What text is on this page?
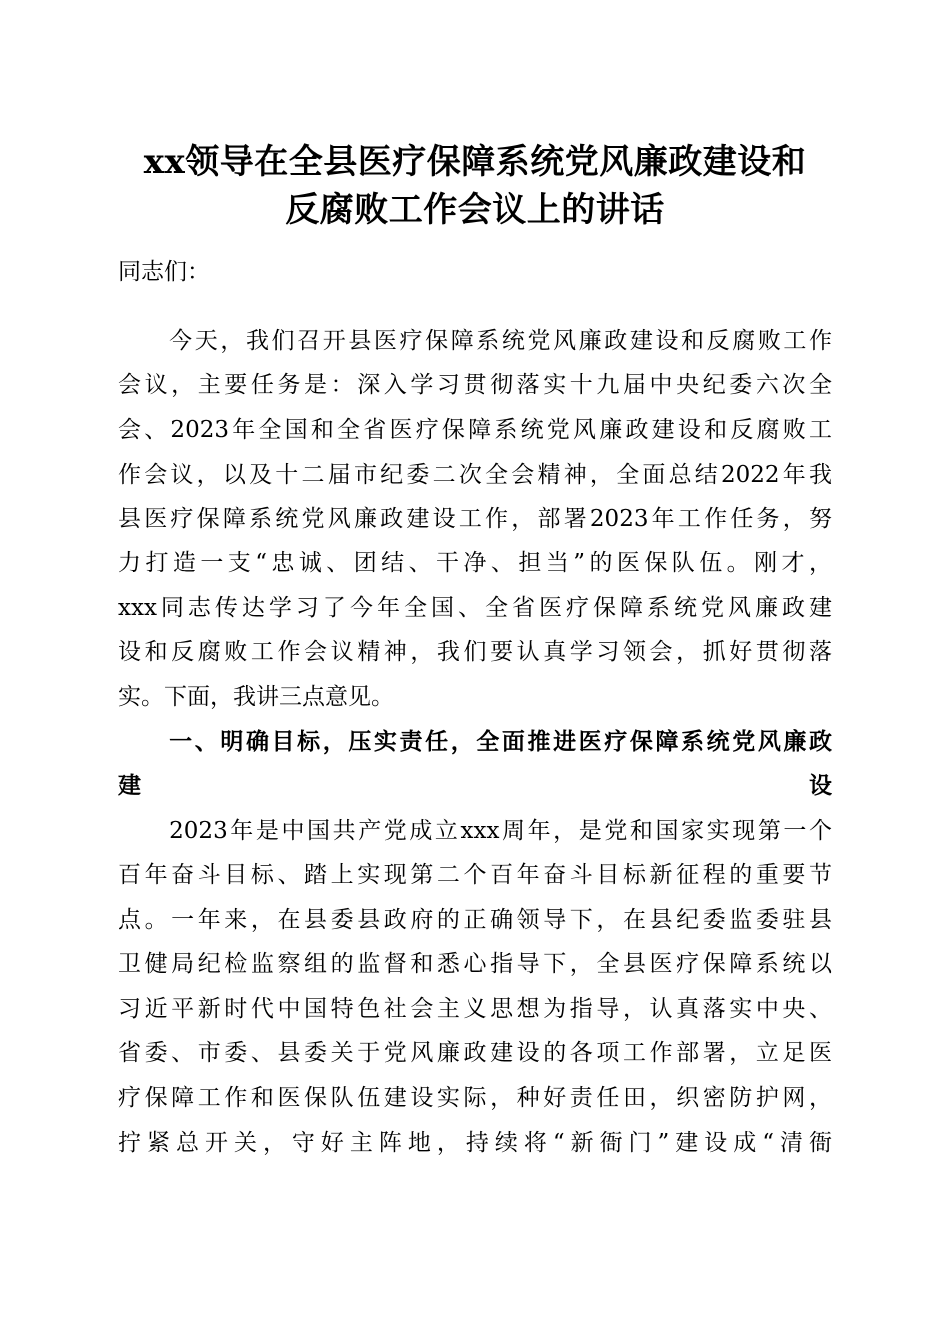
xx领导在全县医疗保障系统党风廉政建设和
反腐败工作会议上的讲话

同志们：

　　今天，我们召开县医疗保障系统党风廉政建设和反腐败工作

会议，主要任务是：深入学习贯彻落实十九届中央纪委六次全

会、2023年全国和全省医疗保障系统党风廉政建设和反腐败工

作会议，以及十二届市纪委二次全会精神，全面总结2022年我

县医疗保障系统党风廉政建设工作，部署2023年工作任务，努

力打造一支“忠诚、团结、干净、担当”的医保队伍。刚才，

xxx同志传达学习了今年全国、全省医疗保障系统党风廉政建

设和反腐败工作会议精神，我们要认真学习领会，抓好贯彻落

实。下面，我讲三点意见。

　　一、明确目标，压实责任，全面推进医疗保障系统党风廉政

建设

　　2023年是中国共产党成立xxx周年，是党和国家实现第一个

百年奋斗目标、踏上实现第二个百年奋斗目标新征程的重要节

点。一年来，在县委县政府的正确领导下，在县纪委监委驻县

卫健局纪检监察组的监督和悉心指导下，全县医疗保障系统以

习近平新时代中国特色社会主义思想为指导，认真落实中央、

省委、市委、县委关于党风廉政建设的各项工作部署，立足医

疗保障工作和医保队伍建设实际，种好责任田，织密防护网，

拧紧总开关，守好主阵地，持续将“新衙门”建设成“清衙
